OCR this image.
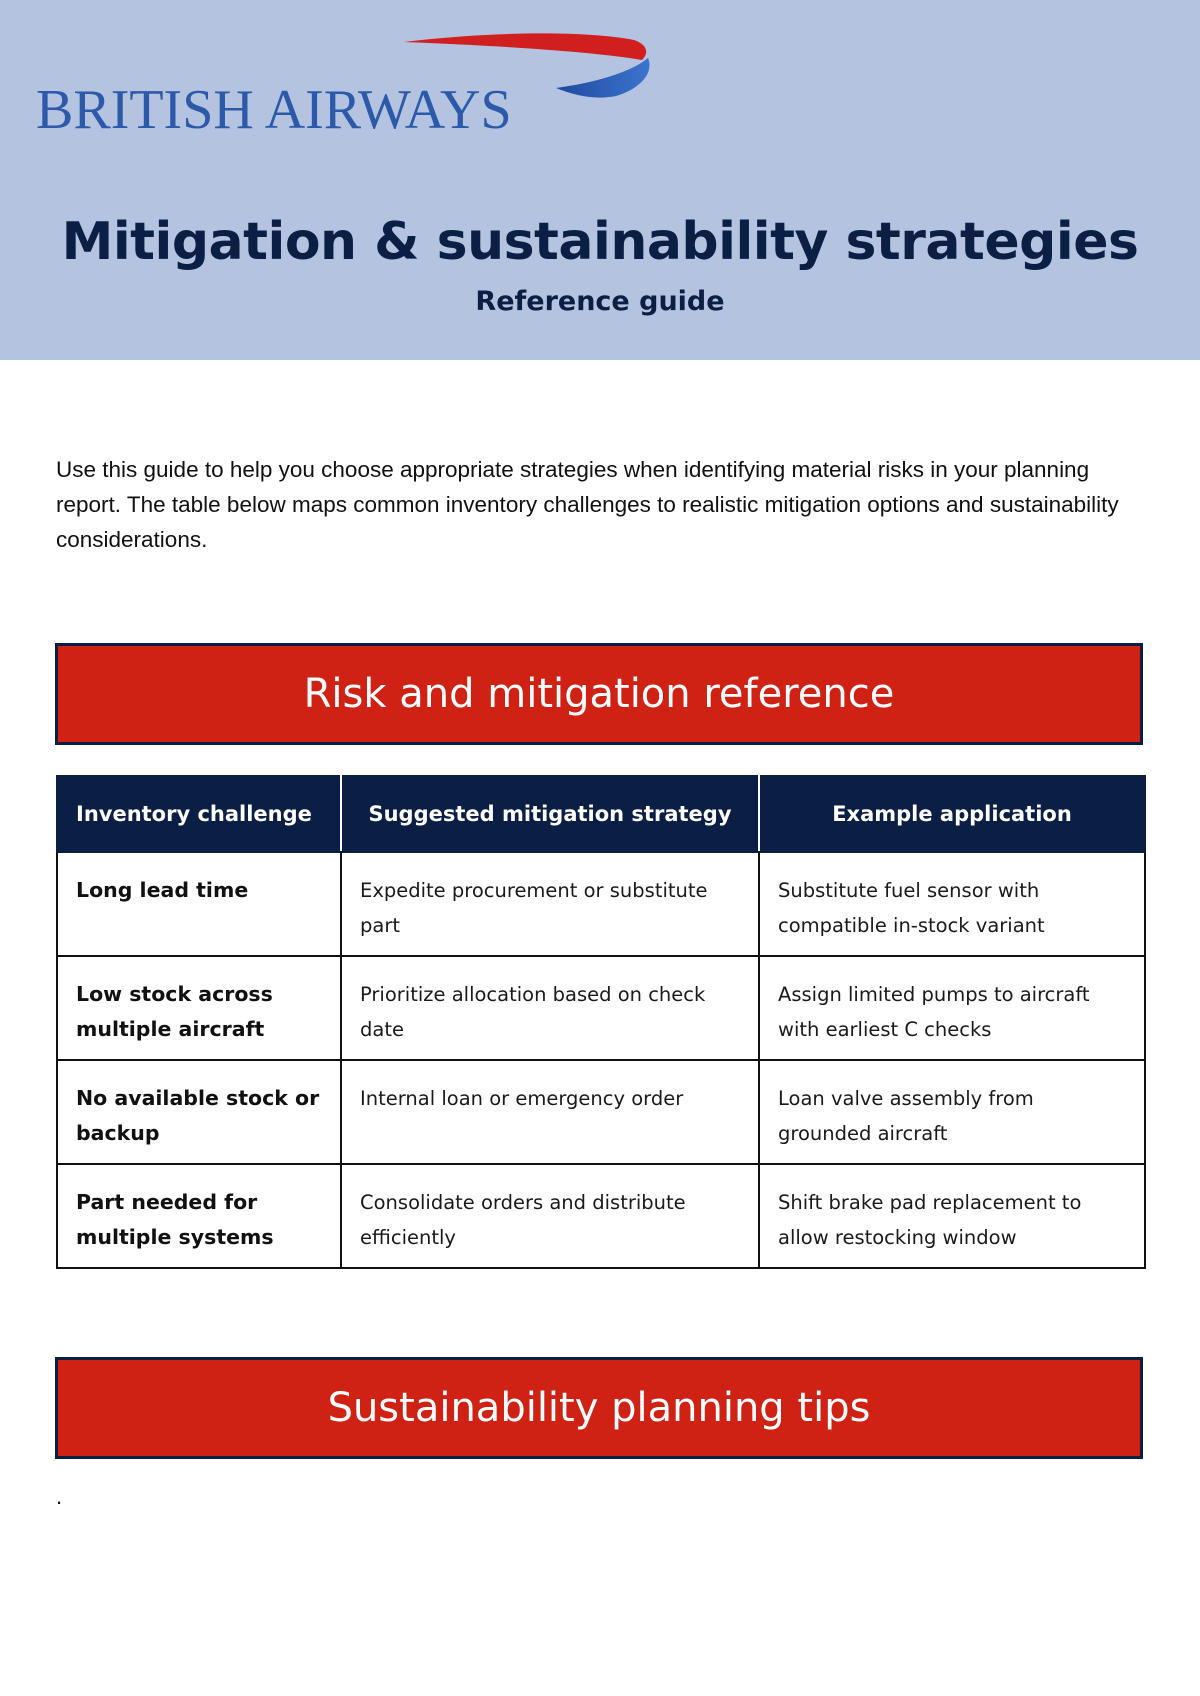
BRITISH AIRWAYS
Mitigation & sustainability strategies
Reference guide
Use this guide to help you choose appropriate strategies when identifying material risks in your planning report. The table below maps common inventory challenges to realistic mitigation options and sustainability considerations.
Risk and mitigation reference
Inventory challenge	Suggested mitigation strategy	Example application
Long lead time	Expedite procurement or substitute part	Substitute fuel sensor with compatible in-stock variant
Low stock across multiple aircraft	Prioritize allocation based on check date	Assign limited pumps to aircraft with earliest C checks
No available stock or backup	Internal loan or emergency order	Loan valve assembly from grounded aircraft
Part needed for multiple systems	Consolidate orders and distribute efficiently	Shift brake pad replacement to allow restocking window
Sustainability planning tips
.
